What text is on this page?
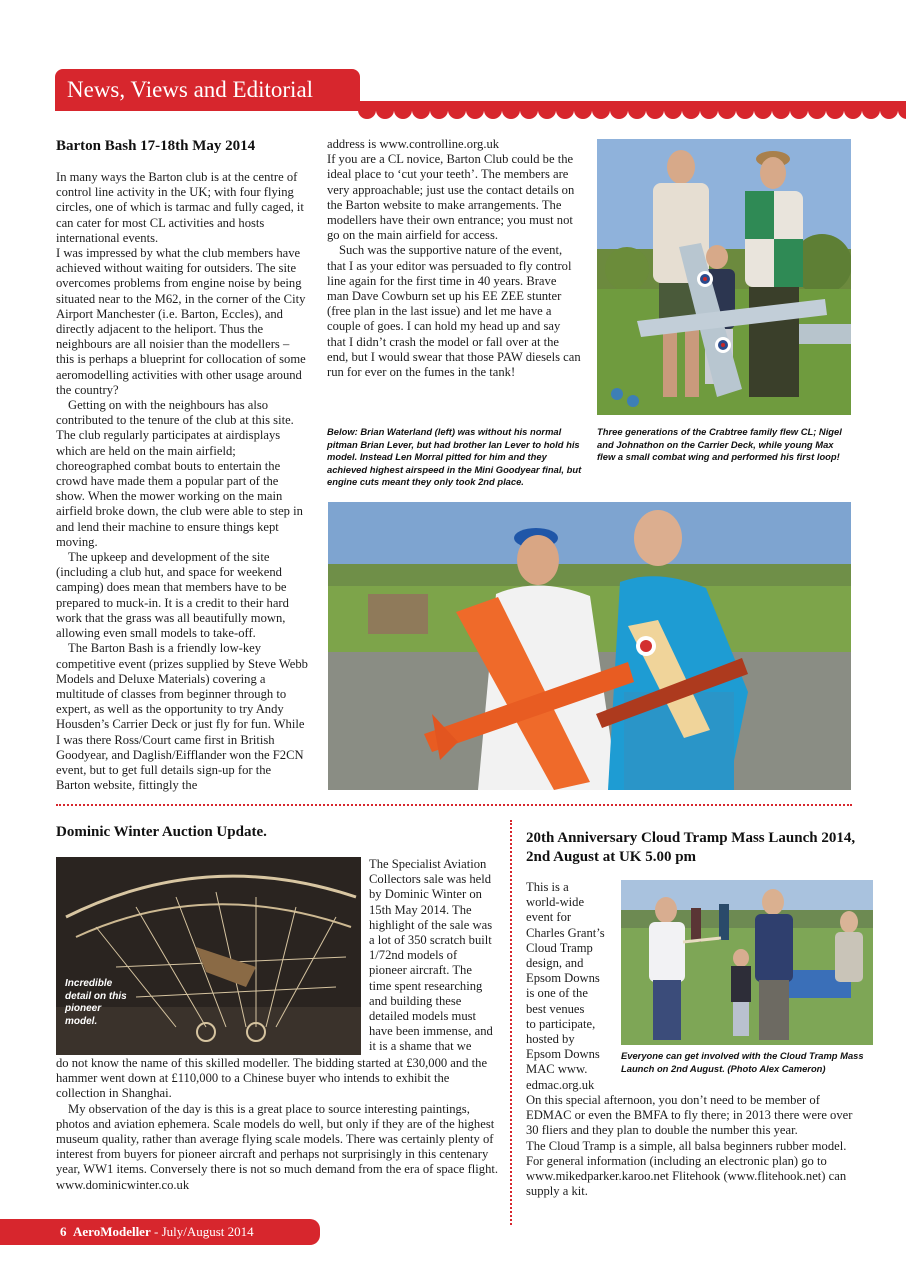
News, Views and Editorial
Barton Bash 17-18th May 2014

In many ways the Barton club is at the centre of control line activity in the UK; with four flying circles, one of which is tarmac and fully caged, it can cater for most CL activities and hosts international events.

I was impressed by what the club members have achieved without waiting for outsiders. The site overcomes problems from engine noise by being situated near to the M62, in the corner of the City Airport Manchester (i.e. Barton, Eccles), and directly adjacent to the heliport. Thus the neighbours are all noisier than the modellers – this is perhaps a blueprint for collocation of some aeromodelling activities with other usage around the country?

Getting on with the neighbours has also contributed to the tenure of the club at this site. The club regularly participates at airdisplays which are held on the main airfield; choreographed combat bouts to entertain the crowd have made them a popular part of the show. When the mower working on the main airfield broke down, the club were able to step in and lend their machine to ensure things kept moving.

The upkeep and development of the site (including a club hut, and space for weekend camping) does mean that members have to be prepared to muck-in. It is a credit to their hard work that the grass was all beautifully mown, allowing even small models to take-off.

The Barton Bash is a friendly low-key competitive event (prizes supplied by Steve Webb Models and Deluxe Materials) covering a multitude of classes from beginner through to expert, as well as the opportunity to try Andy Housden’s Carrier Deck or just fly for fun. While I was there Ross/Court came first in British Goodyear, and Daglish/Eifflander won the F2CN event, but to get full details sign-up for the Barton website, fittingly the

address is www.controlline.org.uk

If you are a CL novice, Barton Club could be the ideal place to ‘cut your teeth’. The members are very approachable; just use the contact details on the Barton website to make arrangements. The modellers have their own entrance; you must not go on the main airfield for access.

Such was the supportive nature of the event, that I as your editor was persuaded to fly control line again for the first time in 40 years. Brave man Dave Cowburn set up his EE ZEE stunter (free plan in the last issue) and let me have a couple of goes. I can hold my head up and say that I didn’t crash the model or fall over at the end, but I would swear that those PAW diesels can run for ever on the fumes in the tank!

Below: Brian Waterland (left) was without his normal pitman Brian Lever, but had brother Ian Lever to hold his model. Instead Len Morral pitted for him and they achieved highest airspeed in the Mini Goodyear final, but engine cuts meant they only took 2nd place.
Three generations of the Crabtree family flew CL; Nigel and Johnathon on the Carrier Deck, while young Max flew a small combat wing and performed his first loop!
Dominic Winter Auction Update.
Incredible detail on this pioneer model.
The Specialist Aviation Collectors sale was held by Dominic Winter on 15th May 2014. The highlight of the sale was a lot of 350 scratch built 1/72nd models of pioneer aircraft. The time spent researching and building these detailed models must have been immense, and it is a shame that we

do not know the name of this skilled modeller. The bidding started at £30,000 and the hammer went down at £110,000 to a Chinese buyer who intends to exhibit the collection in Shanghai.

My observation of the day is this is a great place to source interesting paintings, photos and aviation ephemera. Scale models do well, but only if they are of the highest museum quality, rather than average flying scale models. There was certainly plenty of interest from buyers for pioneer aircraft and perhaps not surprisingly in this centenary year, WW1 items. Conversely there is not so much demand from the era of space flight. www.dominicwinter.co.uk

20th Anniversary Cloud Tramp Mass Launch 2014, 2nd August at UK 5.00 pm
This is a
world-wide
event for
Charles Grant’s
Cloud Tramp
design, and
Epsom Downs
is one of the
best venues
to participate,
hosted by
Epsom Downs
MAC www.
edmac.org.uk
Everyone can get involved with the Cloud Tramp Mass Launch on 2nd August. (Photo Alex Cameron)

On this special afternoon, you don’t need to be member of EDMAC or even the BMFA to fly there; in 2013 there were over 30 fliers and they plan to double the number this year.

The Cloud Tramp is a simple, all balsa beginners rubber model. For general information (including an electronic plan) go to www.mikedparker.karoo.net Flitehook (www.flitehook.net) can supply a kit.

6 AeroModeller - July/August 2014
